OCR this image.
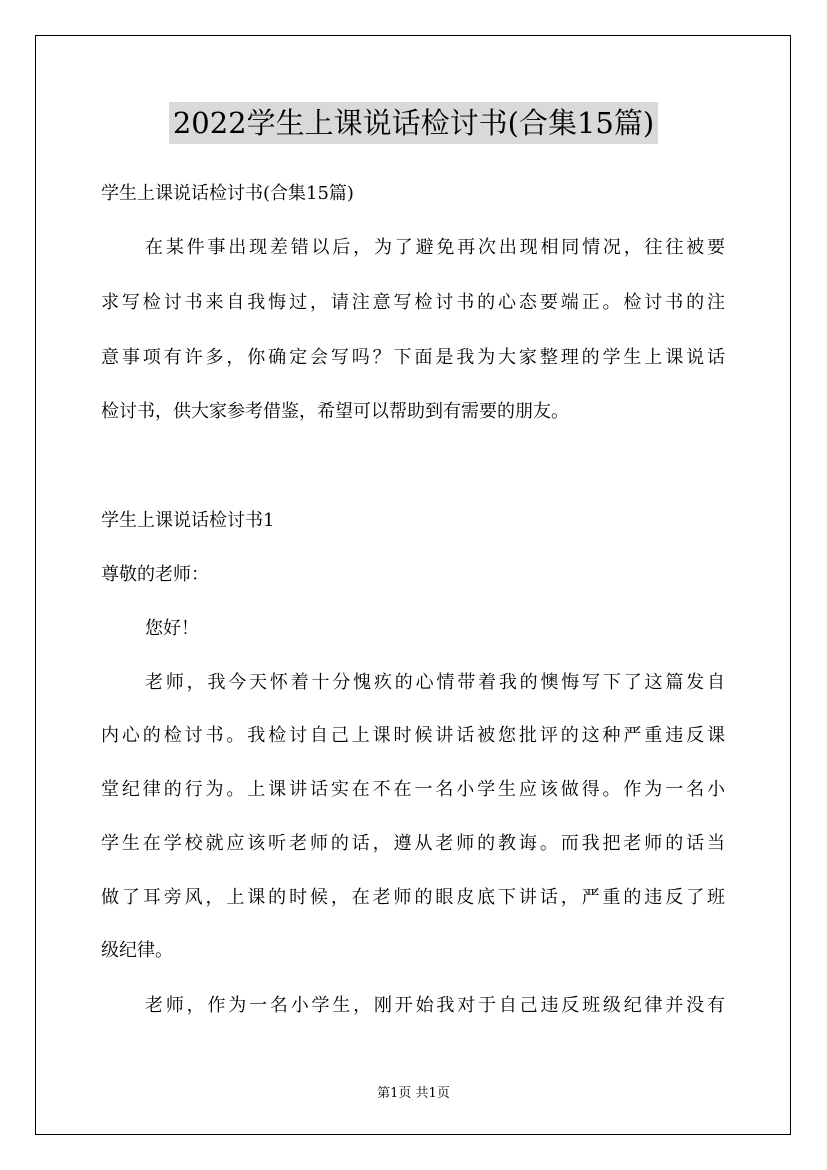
2022学生上课说话检讨书(合集15篇)

学生上课说话检讨书(合集15篇)

在某件事出现差错以后，为了避免再次出现相同情况，往往被要

求写检讨书来自我悔过，请注意写检讨书的心态要端正。检讨书的注

意事项有许多，你确定会写吗？下面是我为大家整理的学生上课说话

检讨书，供大家参考借鉴，希望可以帮助到有需要的朋友。

学生上课说话检讨书1

尊敬的老师：

您好！

老师，我今天怀着十分愧疚的心情带着我的懊悔写下了这篇发自

内心的检讨书。我检讨自己上课时候讲话被您批评的这种严重违反课

堂纪律的行为。上课讲话实在不在一名小学生应该做得。作为一名小

学生在学校就应该听老师的话，遵从老师的教诲。而我把老师的话当

做了耳旁风，上课的时候，在老师的眼皮底下讲话，严重的违反了班

级纪律。

老师，作为一名小学生，刚开始我对于自己违反班级纪律并没有

第1页 共1页
